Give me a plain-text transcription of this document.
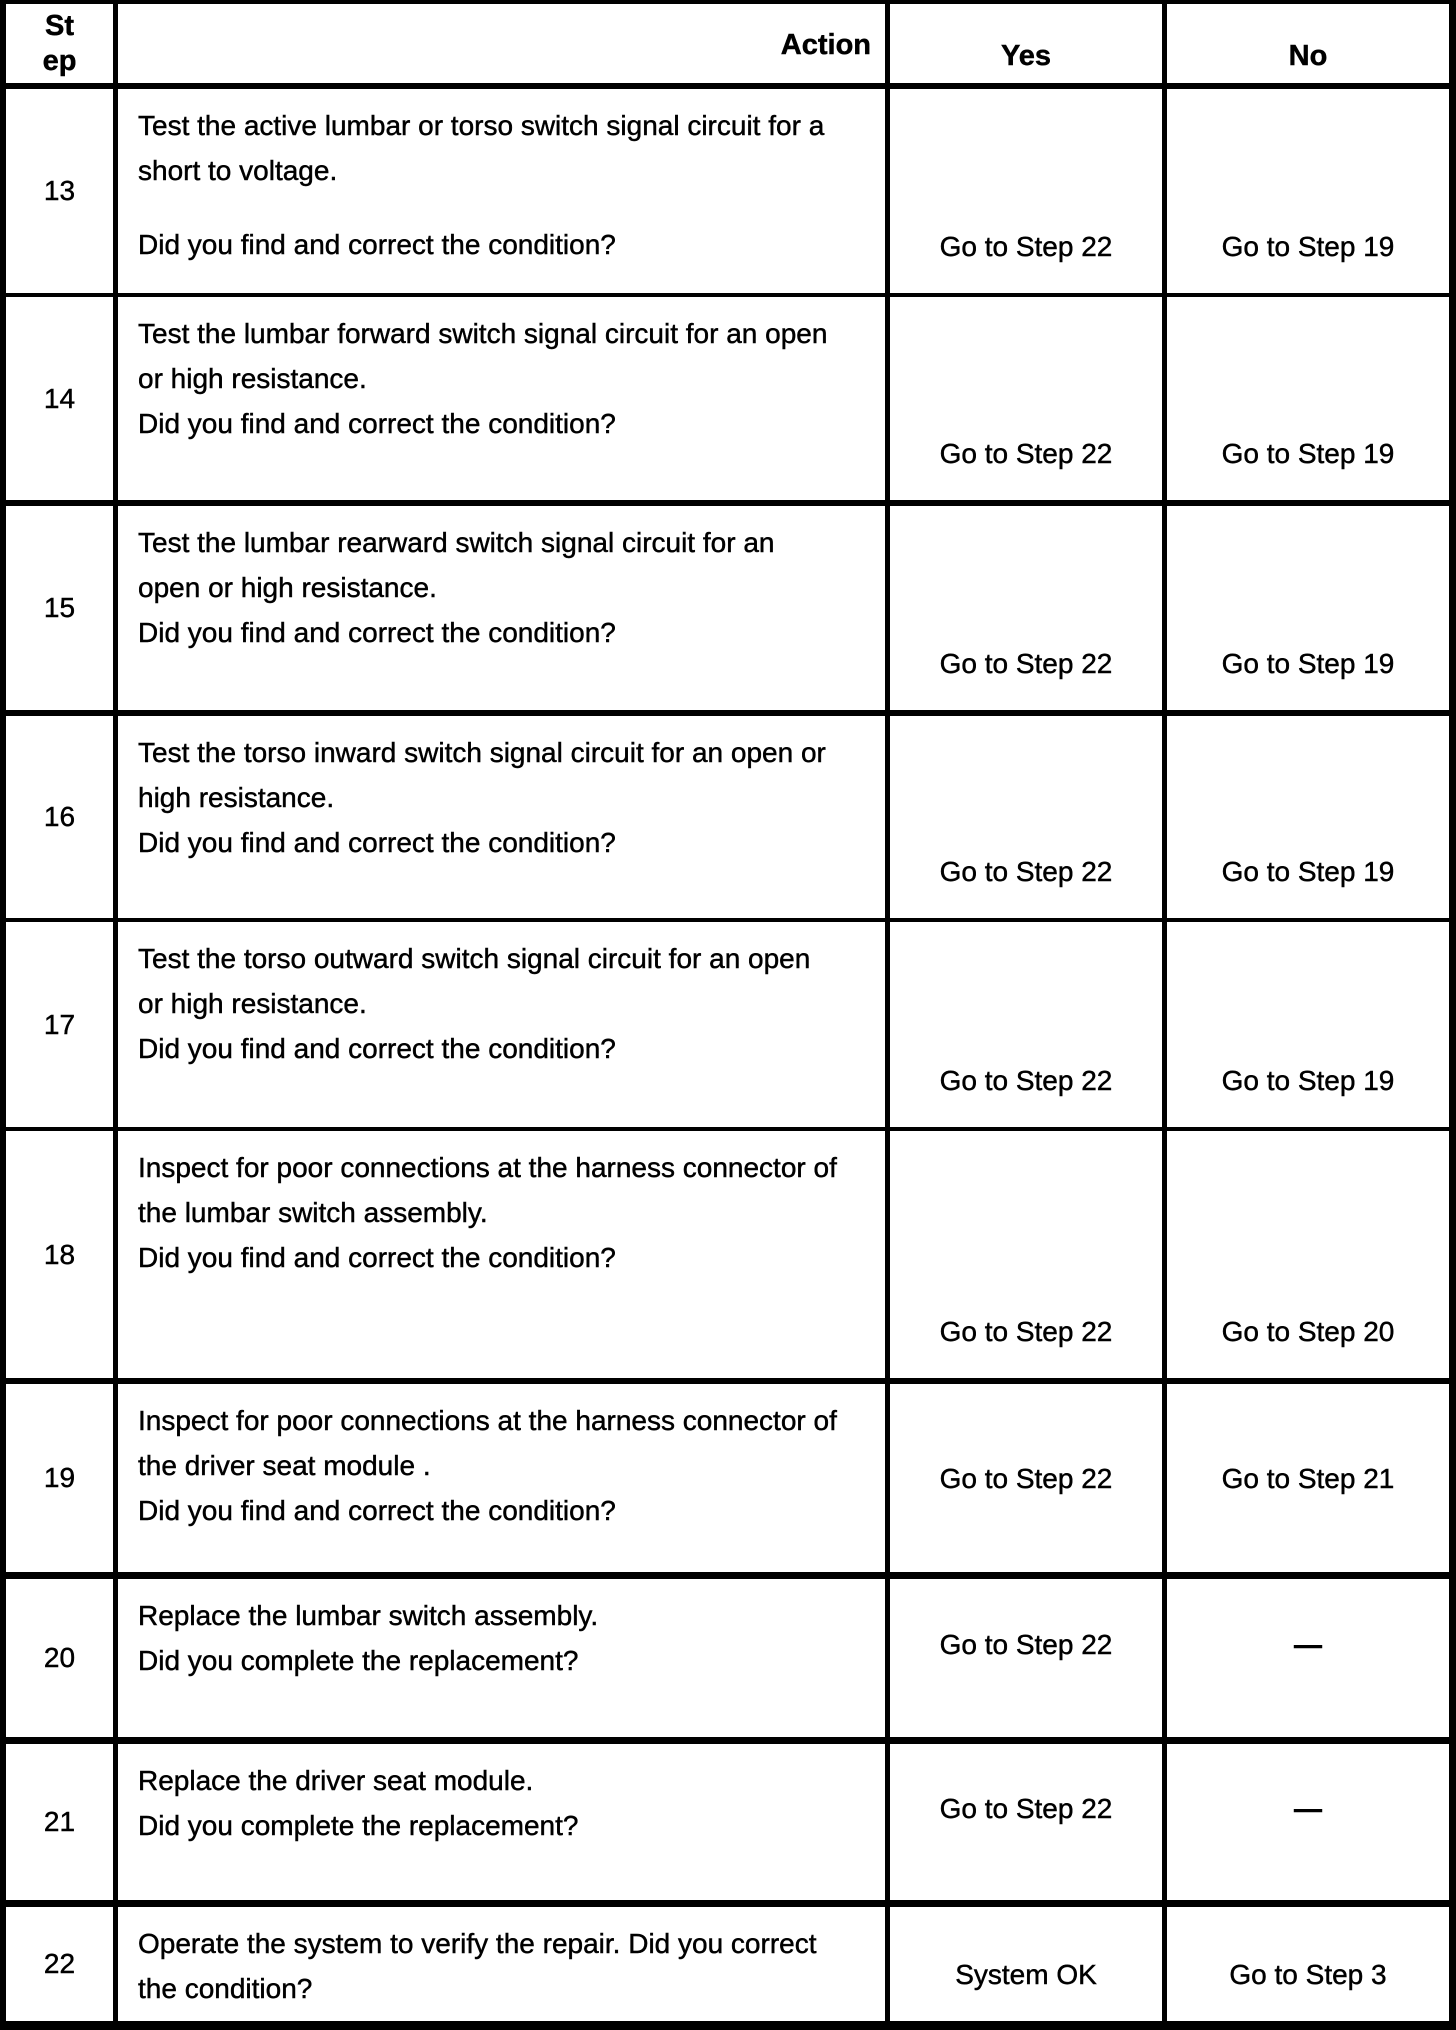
St
ep	Action	Yes	No
13
Test the active lumbar or torso switch signal circuit for a
short to voltage.
Did you find and correct the condition?	Go to Step 22	Go to Step 19
14
Test the lumbar forward switch signal circuit for an open
or high resistance.
Did you find and correct the condition?
Go to Step 22	Go to Step 19
15
Test the lumbar rearward switch signal circuit for an
open or high resistance.
Did you find and correct the condition?
Go to Step 22	Go to Step 19
16
Test the torso inward switch signal circuit for an open or
high resistance.
Did you find and correct the condition?
Go to Step 22	Go to Step 19
17
Test the torso outward switch signal circuit for an open
or high resistance.
Did you find and correct the condition?
Go to Step 22	Go to Step 19
18
Inspect for poor connections at the harness connector of
the lumbar switch assembly.
Did you find and correct the condition?
Go to Step 22	Go to Step 20
19
Inspect for poor connections at the harness connector of
the driver seat module .
Did you find and correct the condition?
Go to Step 22	Go to Step 21
20
Replace the lumbar switch assembly.
Did you complete the replacement?
Go to Step 22	—
21
Replace the driver seat module.
Did you complete the replacement?
Go to Step 22	—
22
Operate the system to verify the repair. Did you correct
the condition?	System OK	Go to Step 3
